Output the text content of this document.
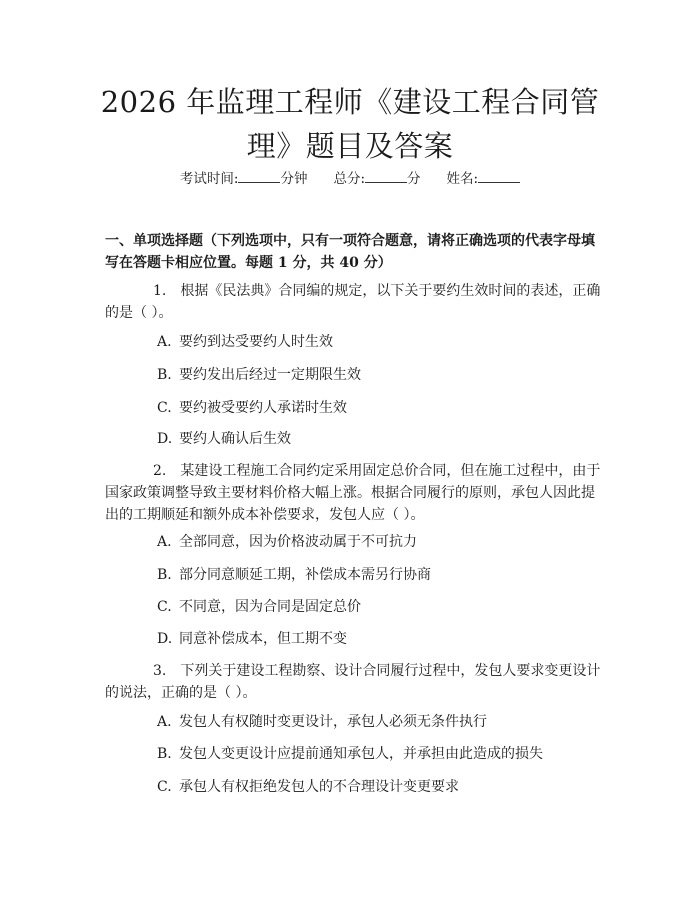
2026 年监理工程师《建设工程合同管理》题目及答案
考试时间:	分钟 总分:	分 姓名:
一、单项选择题（下列选项中，只有一项符合题意，请将正确选项的代表字母填写在答题卡相应位置。每题 1 分，共 40 分）
1. 根据《民法典》合同编的规定，以下关于要约生效时间的表述，正确的是（ ）。
A. 要约到达受要约人时生效
B. 要约发出后经过一定期限生效
C. 要约被受要约人承诺时生效
D. 要约人确认后生效
2. 某建设工程施工合同约定采用固定总价合同，但在施工过程中，由于国家政策调整导致主要材料价格大幅上涨。根据合同履行的原则，承包人因此提出的工期顺延和额外成本补偿要求，发包人应（ ）。
A. 全部同意，因为价格波动属于不可抗力
B. 部分同意顺延工期，补偿成本需另行协商
C. 不同意，因为合同是固定总价
D. 同意补偿成本，但工期不变
3. 下列关于建设工程勘察、设计合同履行过程中，发包人要求变更设计的说法，正确的是（ ）。
A. 发包人有权随时变更设计，承包人必须无条件执行
B. 发包人变更设计应提前通知承包人，并承担由此造成的损失
C. 承包人有权拒绝发包人的不合理设计变更要求
